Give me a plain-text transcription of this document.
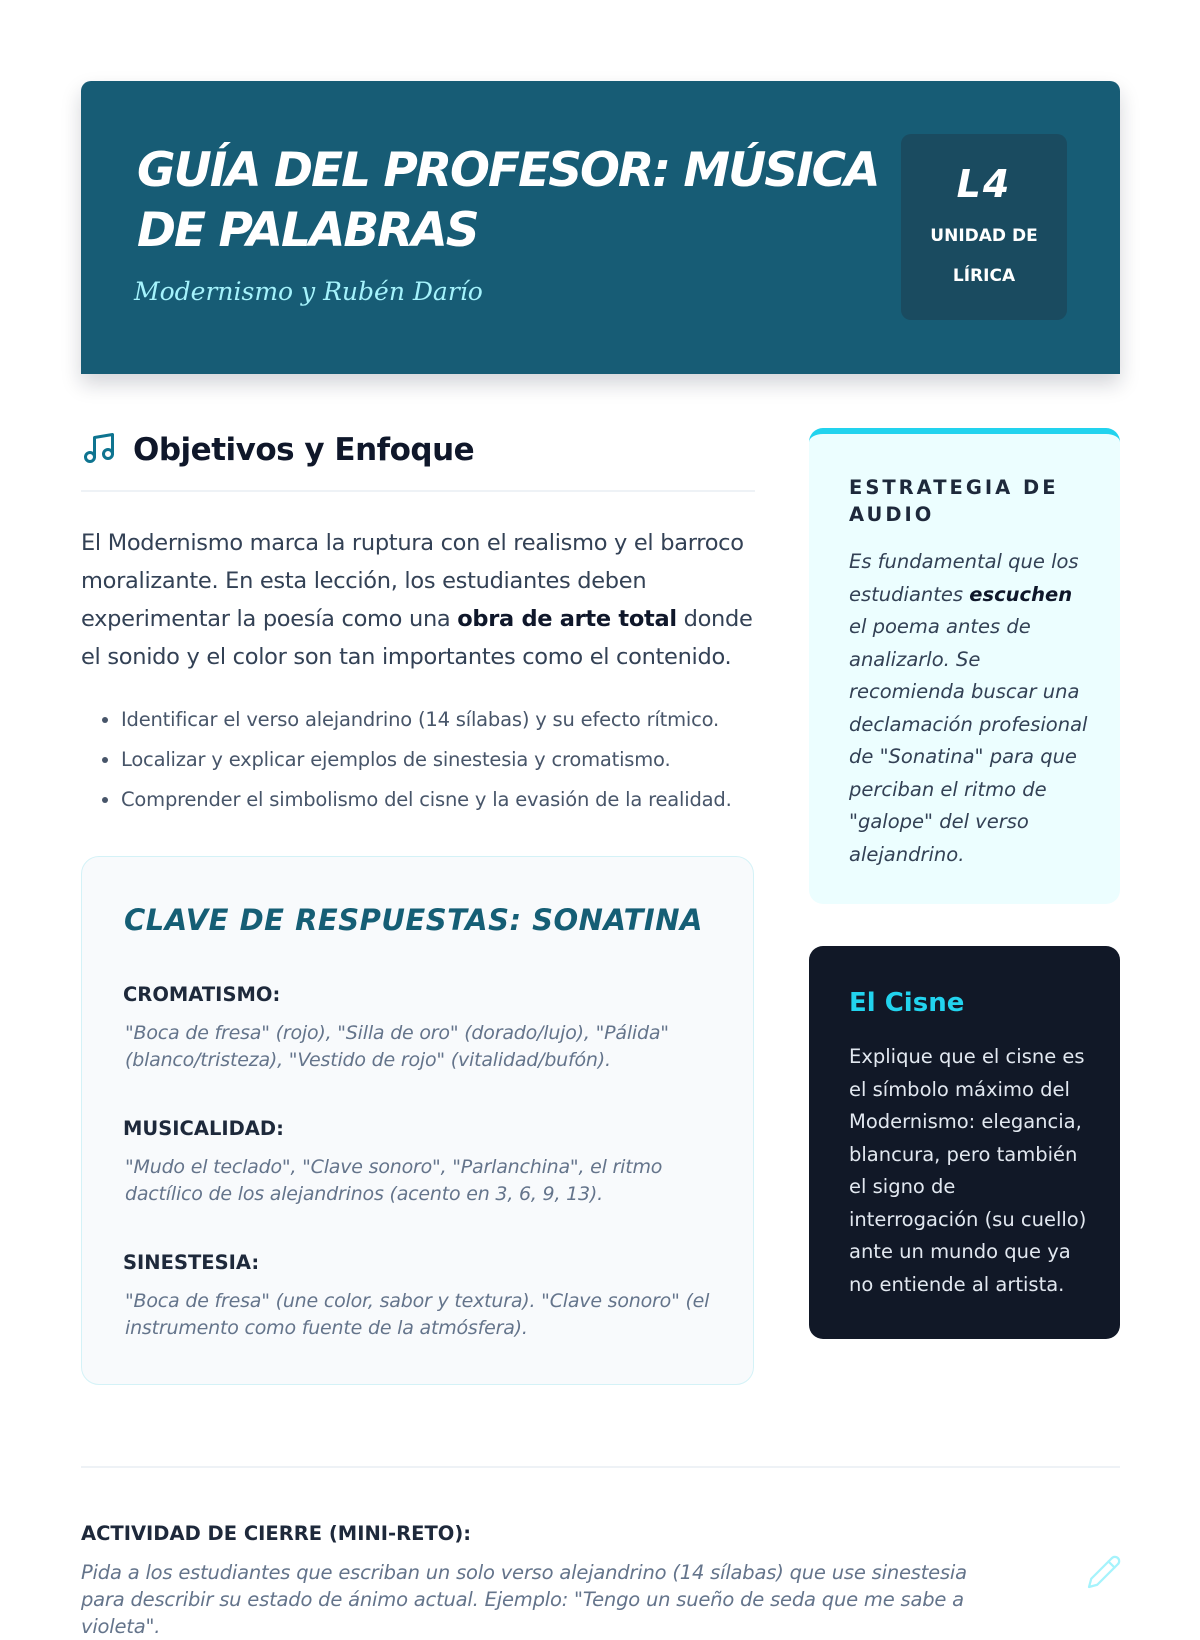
GUÍA DEL PROFESOR: MÚSICA DE PALABRAS

Modernismo y Rubén Darío

L4
UNIDAD DE LÍRICA
Objetivos y Enfoque

El Modernismo marca la ruptura con el realismo y el barroco moralizante. En esta lección, los estudiantes deben experimentar la poesía como una obra de arte total donde el sonido y el color son tan importantes como el contenido.

• Identificar el verso alejandrino (14 sílabas) y su efecto rítmico.
• Localizar y explicar ejemplos de sinestesia y cromatismo.
• Comprender el simbolismo del cisne y la evasión de la realidad.
CLAVE DE RESPUESTAS: SONATINA

CROMATISMO:

"Boca de fresa" (rojo), "Silla de oro" (dorado/lujo), "Pálida" (blanco/tristeza), "Vestido de rojo" (vitalidad/bufón).

MUSICALIDAD:

"Mudo el teclado", "Clave sonoro", "Parlanchina", el ritmo dactílico de los alejandrinos (acento en 3, 6, 9, 13).

SINESTESIA:

"Boca de fresa" (une color, sabor y textura). "Clave sonoro" (el instrumento como fuente de la atmósfera).

ESTRATEGIA DE AUDIO

Es fundamental que los estudiantes escuchen el poema antes de analizarlo. Se recomienda buscar una declamación profesional de "Sonatina" para que perciban el ritmo de "galope" del verso alejandrino.

El Cisne

Explique que el cisne es el símbolo máximo del Modernismo: elegancia, blancura, pero también el signo de interrogación (su cuello) ante un mundo que ya no entiende al artista.

ACTIVIDAD DE CIERRE (MINI-RETO):

Pida a los estudiantes que escriban un solo verso alejandrino (14 sílabas) que use sinestesia para describir su estado de ánimo actual. Ejemplo: "Tengo un sueño de seda que me sabe a violeta".
